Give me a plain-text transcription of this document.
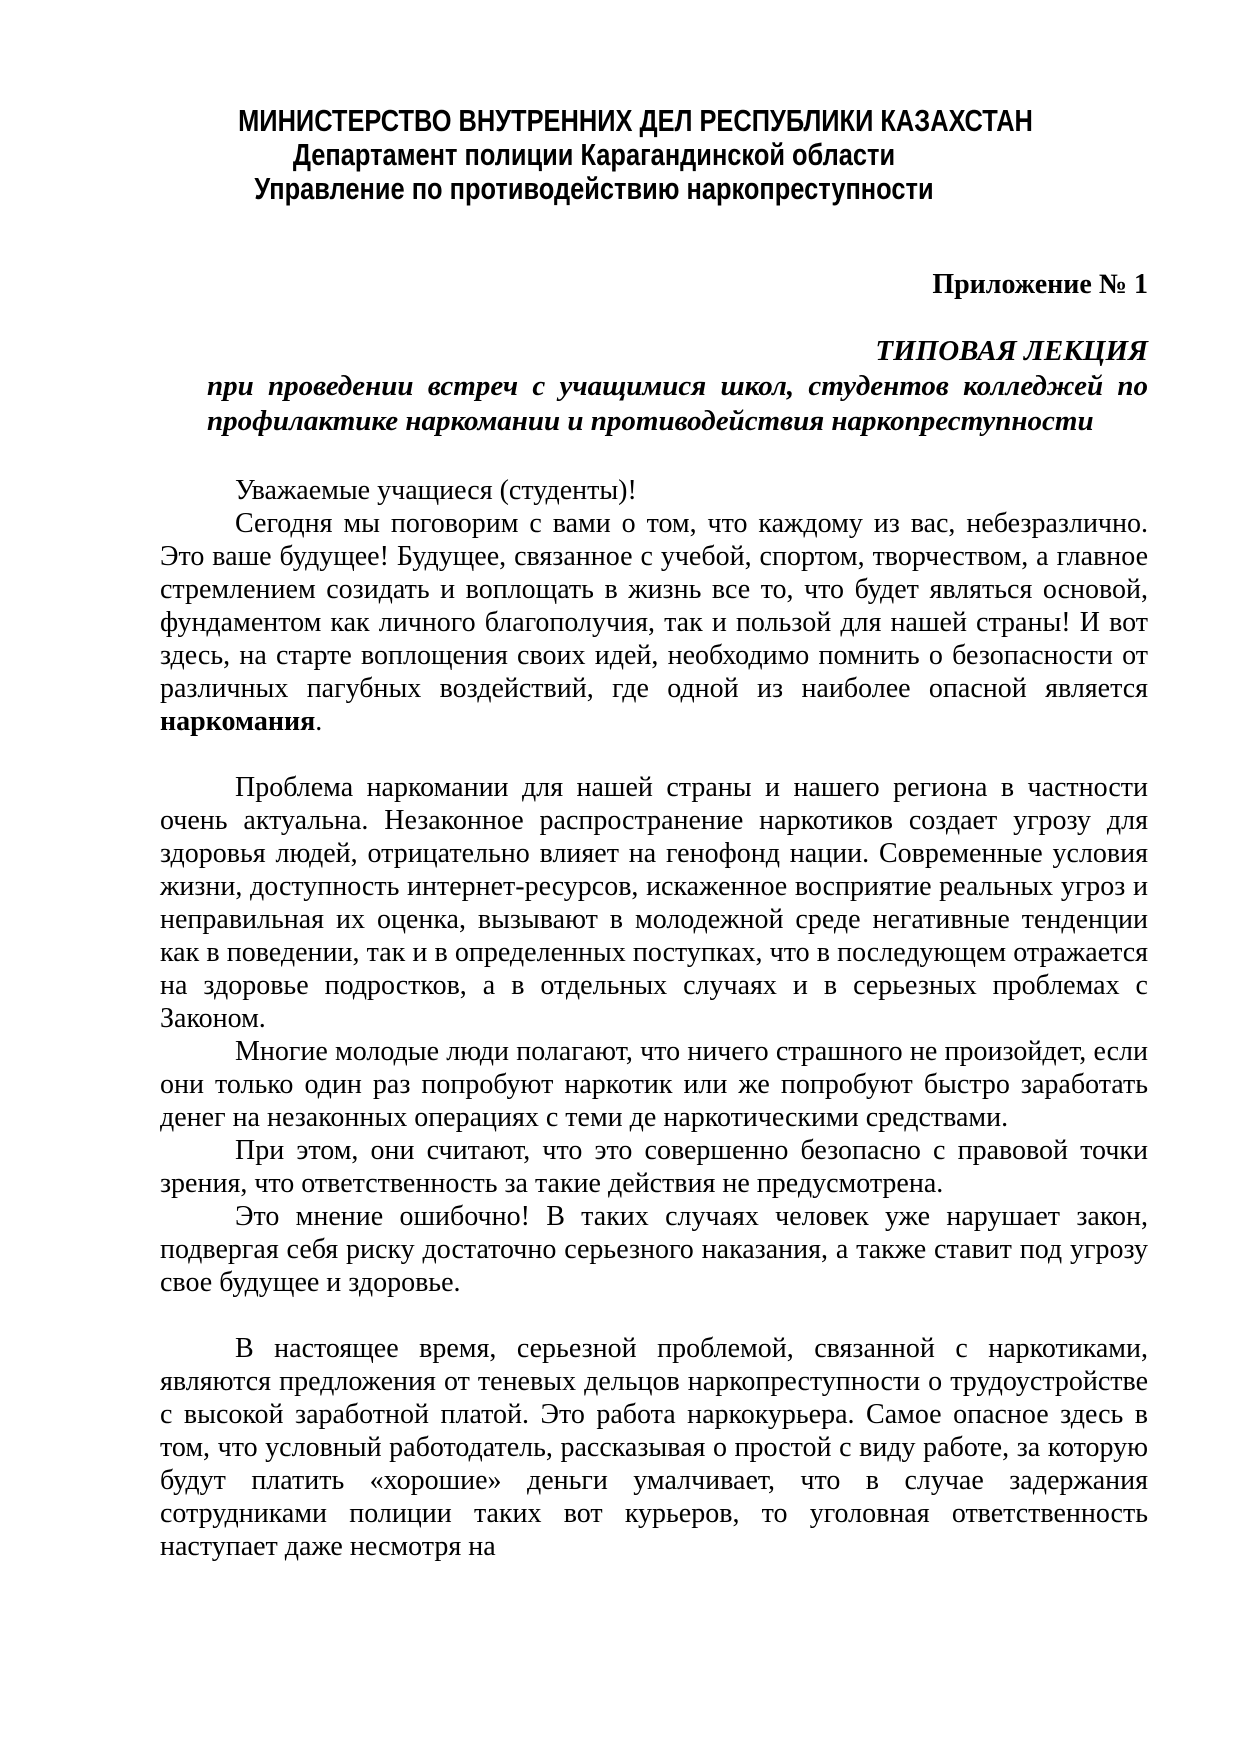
МИНИСТЕРСТВО ВНУТРЕННИХ ДЕЛ РЕСПУБЛИКИ КАЗАХСТАН
Департамент полиции Карагандинской области
Управление по противодействию наркопреступности
Приложение № 1
ТИПОВАЯ ЛЕКЦИЯ
при проведении встреч с учащимися школ, студентов колледжей по профилактике наркомании и противодействия наркопреступности

Уважаемые учащиеся (студенты)!

Сегодня мы поговорим с вами о том, что каждому из вас, небезразлично. Это ваше будущее! Будущее, связанное с учебой, спортом, творчеством, а главное стремлением созидать и воплощать в жизнь все то, что будет являться основой, фундаментом как личного благополучия, так и пользой для нашей страны! И вот здесь, на старте воплощения своих идей, необходимо помнить о безопасности от различных пагубных воздействий, где одной из наиболее опасной является наркомания.

Проблема наркомании для нашей страны и нашего региона в частности очень актуальна. Незаконное распространение наркотиков создает угрозу для здоровья людей, отрицательно влияет на генофонд нации. Современные условия жизни, доступность интернет-ресурсов, искаженное восприятие реальных угроз и неправильная их оценка, вызывают в молодежной среде негативные тенденции как в поведении, так и в определенных поступках, что в последующем отражается на здоровье подростков, а в отдельных случаях и в серьезных проблемах с Законом.

Многие молодые люди полагают, что ничего страшного не произойдет, если они только один раз попробуют наркотик или же попробуют быстро заработать денег на незаконных операциях с теми де наркотическими средствами.

При этом, они считают, что это совершенно безопасно с правовой точки зрения, что ответственность за такие действия не предусмотрена.

Это мнение ошибочно! В таких случаях человек уже нарушает закон, подвергая себя риску достаточно серьезного наказания, а также ставит под угрозу свое будущее и здоровье.

В настоящее время, серьезной проблемой, связанной с наркотиками, являются предложения от теневых дельцов наркопреступности о трудоустройстве с высокой заработной платой. Это работа наркокурьера. Самое опасное здесь в том, что условный работодатель, рассказывая о простой с виду работе, за которую будут платить «хорошие» деньги умалчивает, что в случае задержания сотрудниками полиции таких вот курьеров, то уголовная ответственность наступает даже несмотря на
